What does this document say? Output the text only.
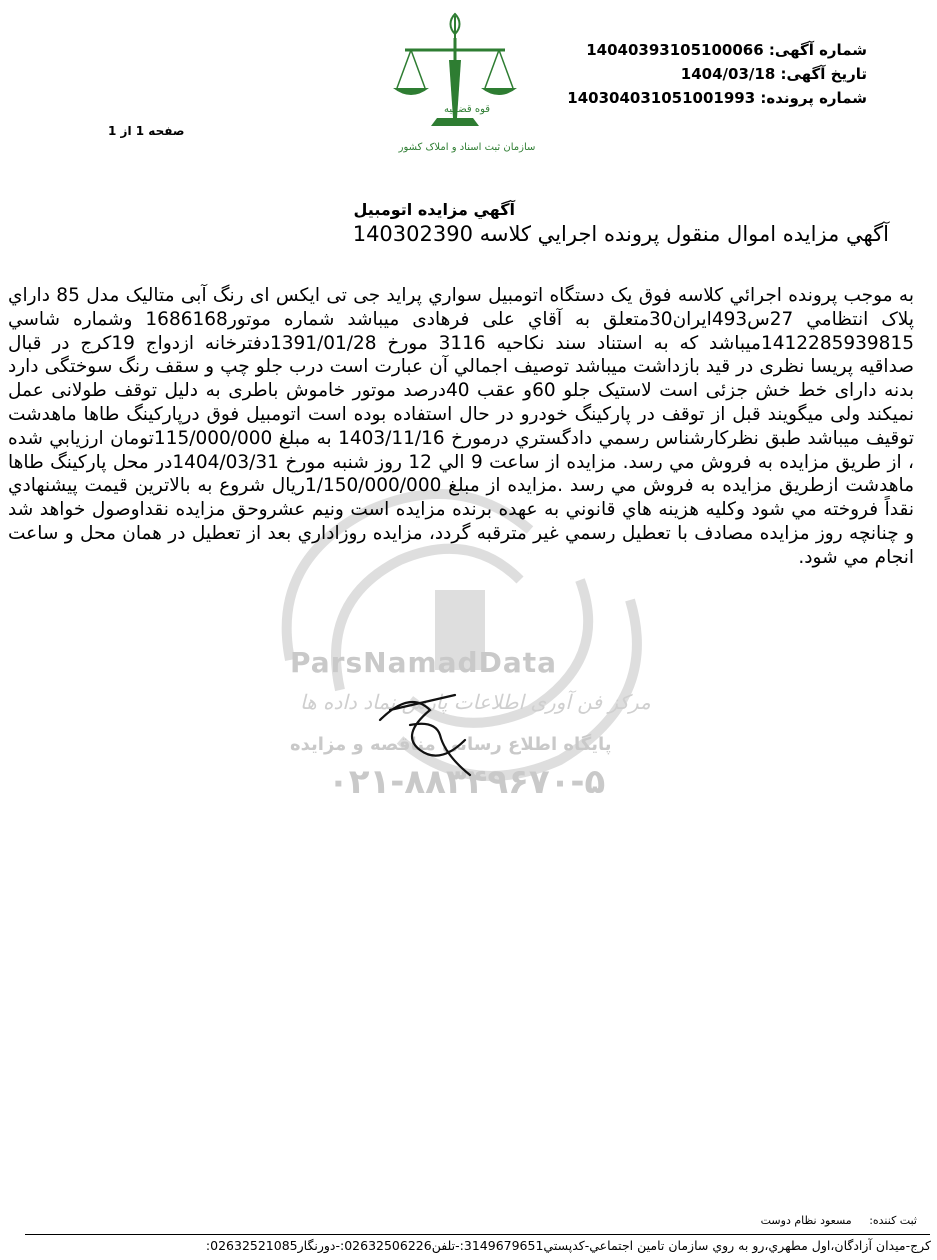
قوه قضاییه
سازمان ثبت اسناد و املاک کشور
شماره آگهی: 14040393105100066
تاریخ آگهی: 1404/03/18
شماره پرونده: 140304031051001993
صفحه 1 از 1
آگهي مزايده اتومبيل
آگهي مزايده اموال منقول پرونده اجرايي كلاسه 140302390
ParsNamadData
مرکز فن آوری اطلاعات پارس نماد داده ها
پایگاه اطلاع رسانی مناقصه و مزایده
۰۲۱-۸۸۳۴۹۶۷۰-۵
به موجب پرونده اجرائي كلاسه فوق يک دستگاه اتومبيل سواري پرايد جی تی ايکس ای رنگ آبی متاليک مدل 85 داراي پلاک انتظامي 27س493ايران30متعلق به آقاي علی فرهادی ميباشد شماره موتور1686168 وشماره شاسي 1412285939815ميباشد كه به استناد سند نكاحيه 3116 مورخ 1391/01/28دفترخانه ازدواج 19کرج در قبال صداقيه پريسا نظری در قيد بازداشت ميباشد توصيف اجمالي آن عبارت است درب جلو چپ و سقف رنگ سوختگی دارد بدنه دارای خط خش جزئی است لاستيک جلو 60و عقب 40درصد موتور خاموش باطری به دليل توقف طولانی عمل نميکند ولی ميگويند قبل از توقف در پارکينگ خودرو در حال استفاده بوده است اتومبيل فوق درپارکينگ طاها ماهدشت توقيف ميباشد طبق نظرکارشناس رسمي دادگستري درمورخ 1403/11/16 به مبلغ 115/000/000تومان ارزيابي شده ، از طريق مزايده به فروش مي رسد. مزايده از ساعت 9 الي 12 روز شنبه مورخ 1404/03/31در محل پارکينگ طاها ماهدشت ازطريق مزايده به فروش مي رسد .مزايده از مبلغ 1/150/000/000ريال شروع به بالاترين قيمت پيشنهادي نقداً فروخته مي شود وكليه هزينه هاي قانوني به عهده برنده مزايده است ونيم عشروحق مزايده نقداوصول خواهد شد و چنانچه روز مزايده مصادف با تعطيل رسمي غير مترقبه گردد، مزايده روزاداري بعد از تعطيل در همان محل و ساعت انجام مي شود.
ثبت كننده: مسعود نظام دوست
كرج-ميدان آزادگان،اول مطهري،رو به روي سازمان تامين اجتماعي-كدپستي3149679651:-تلفن02632506226:-دورنگار02632521085:
